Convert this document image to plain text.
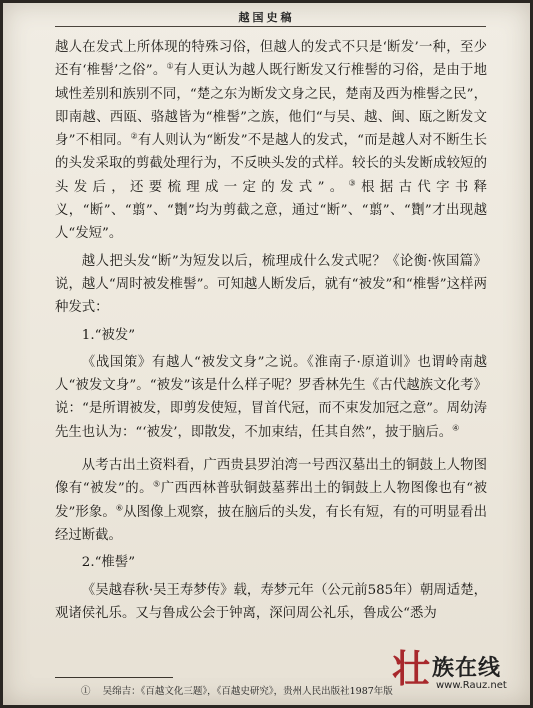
越国史稿

越人在发式上所体现的特殊习俗，但越人的发式不只是‘断发’一种，至少还有‘椎髻’之俗”。①有人更认为越人既行断发又行椎髻的习俗，是由于地域性差别和族别不同，“楚之东为断发文身之民，楚南及西为椎髻之民”，即南越、西瓯、骆越皆为“椎髻”之族，他们“与吴、越、闽、瓯之断发文身”不相同。②有人则认为“断发”不是越人的发式，“而是越人对不断生长的头发采取的剪截处理行为，不反映头发的式样。较长的头发断成较短的头发后，还要梳理成一定的发式”。③根据古代字书释义，“断”、“翦”、“劗”均为剪截之意，通过“断”、“翦”、“劗”才出现越人“发短”。

越人把头发“断”为短发以后，梳理成什么发式呢？《论衡·恢国篇》说，越人“周时被发椎髻”。可知越人断发后，就有“被发”和“椎髻”这样两种发式：

1.“被发”

《战国策》有越人“被发文身”之说。《淮南子·原道训》也谓岭南越人“被发文身”。“被发”该是什么样子呢？罗香林先生《古代越族文化考》说：“是所谓被发，即剪发使短，冒首代冠，而不束发加冠之意”。周幼涛先生也认为：“‘被发’，即散发，不加束结，任其自然”，披于脑后。④

从考古出土资料看，广西贵县罗泊湾一号西汉墓出土的铜鼓上人物图像有“被发”的。⑤广西西林普驮铜鼓墓葬出土的铜鼓上人物图像也有“被发”形象。⑥从图像上观察，披在脑后的头发，有长有短，有的可明显看出经过断截。

2.“椎髻”

《吴越春秋·吴王寿梦传》载，寿梦元年（公元前585年）朝周适楚，观诸侯礼乐。又与鲁成公会于钟离，深问周公礼乐，鲁成公“悉为

① 吴绵吉：《百越文化三题》，《百越史研究》，贵州人民出版社1987年版
壮 族在线
www.Rauz.net
